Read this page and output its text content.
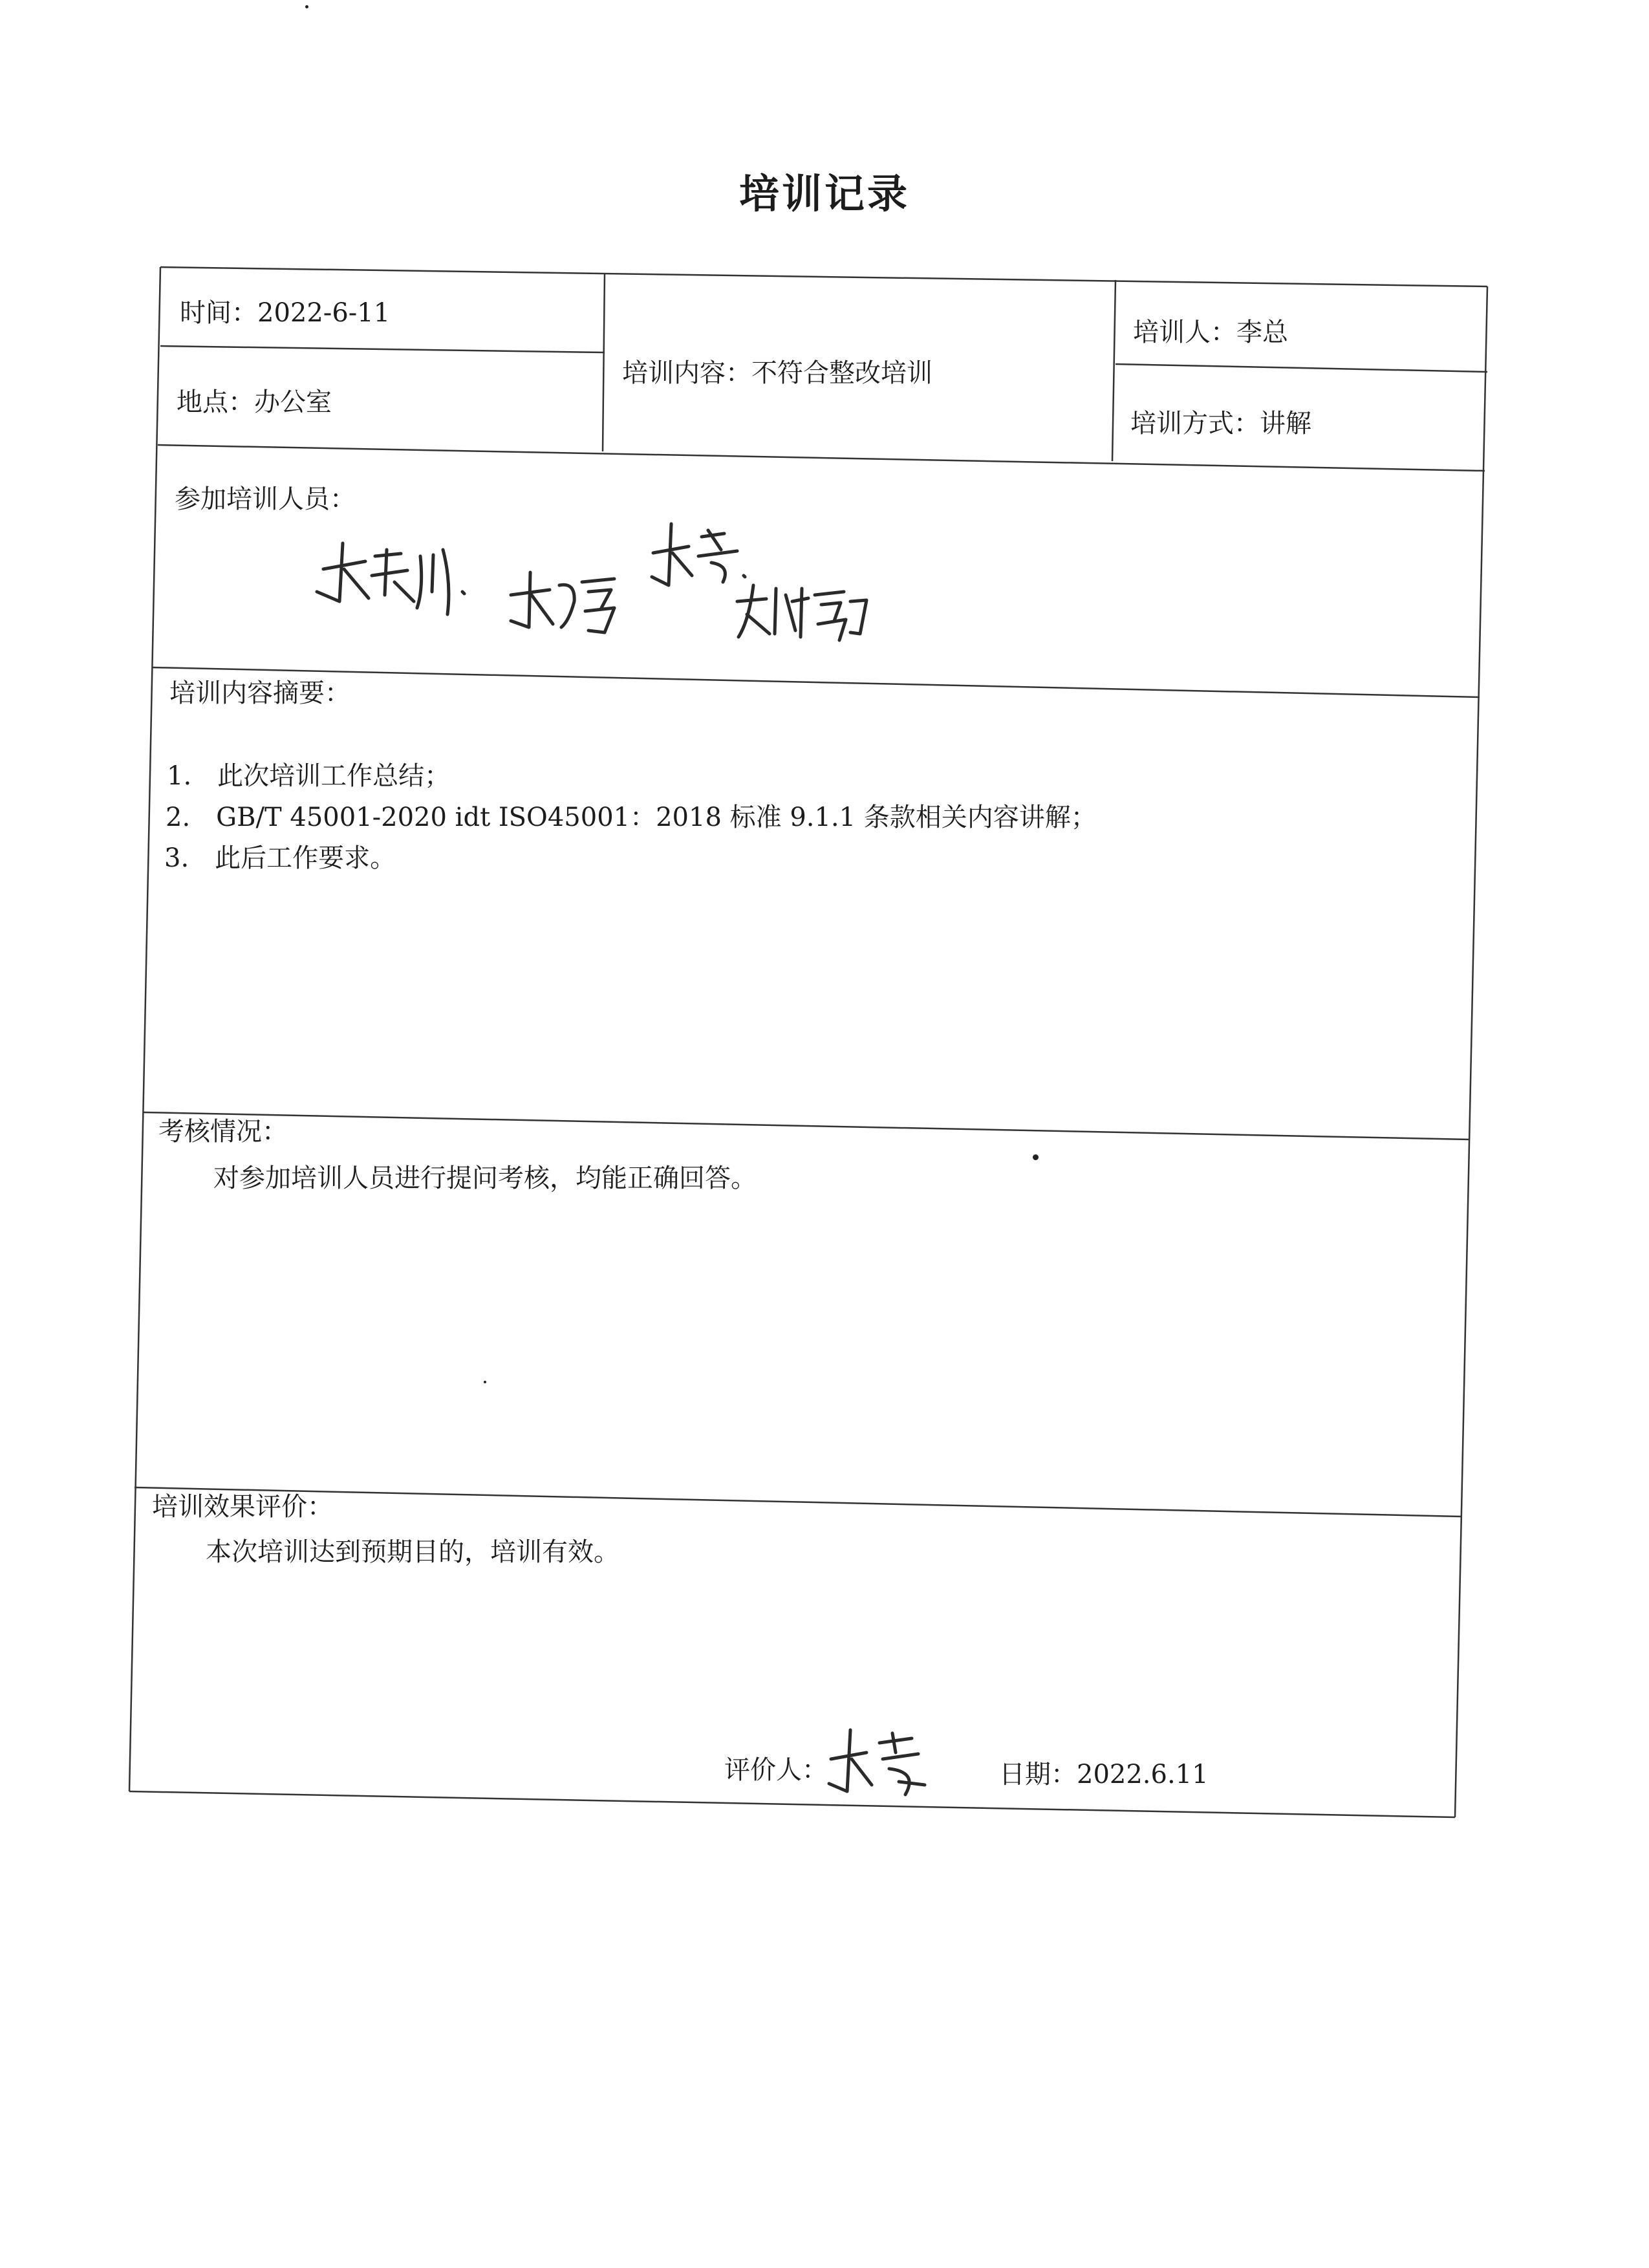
培训记录
时间：2022-6-11
地点：办公室
培训内容：不符合整改培训
培训人：李总
培训方式：讲解
参加培训人员：
培训内容摘要：
1. 此次培训工作总结；
2. GB/T 45001-2020 idt ISO45001：2018 标准 9.1.1 条款相关内容讲解；
3. 此后工作要求。
考核情况：
对参加培训人员进行提问考核，均能正确回答。
培训效果评价：
本次培训达到预期目的，培训有效。
评价人：	日期：2022.6.11
